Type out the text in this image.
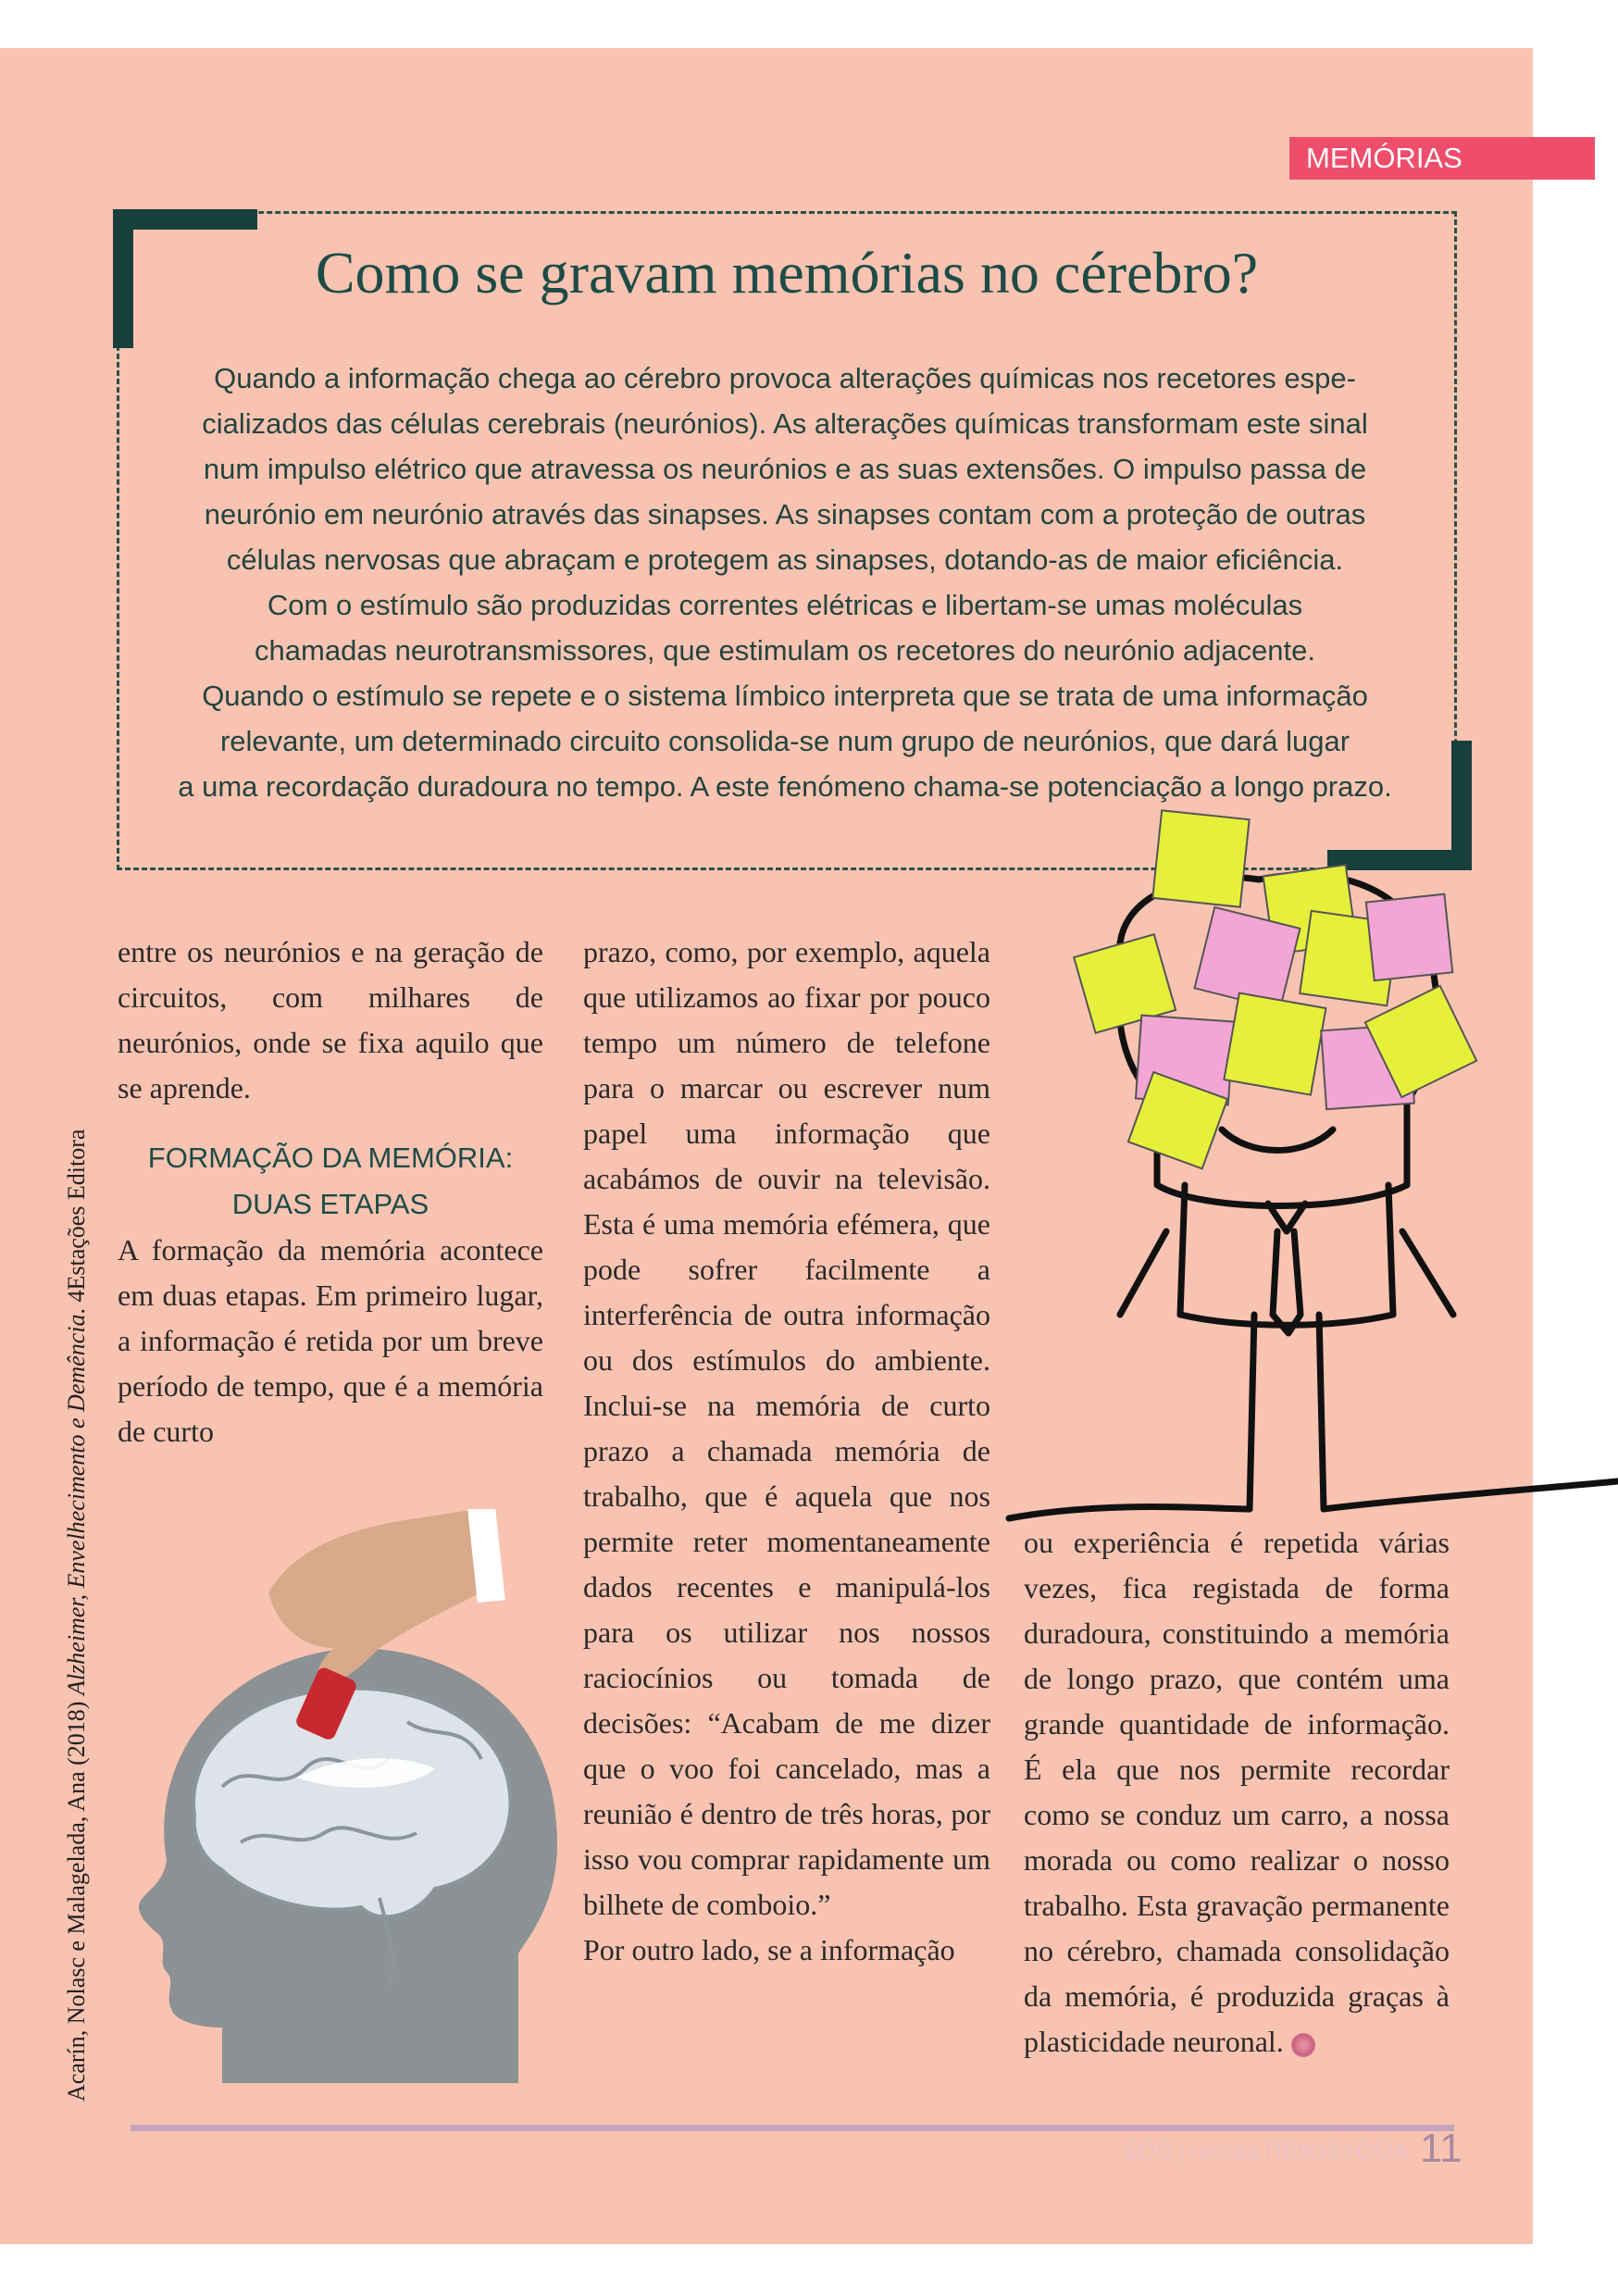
MEMÓRIAS
Como se gravam memórias no cérebro?

Quando a informação chega ao cérebro provoca alterações químicas nos recetores espe-

cializados das células cerebrais (neurónios). As alterações químicas transformam este sinal

num impulso elétrico que atravessa os neurónios e as suas extensões. O impulso passa de

neurónio em neurónio através das sinapses. As sinapses contam com a proteção de outras

células nervosas que abraçam e protegem as sinapses, dotando-as de maior eficiência.

Com o estímulo são produzidas correntes elétricas e libertam-se umas moléculas

chamadas neurotransmissores, que estimulam os recetores do neurónio adjacente.

Quando o estímulo se repete e o sistema límbico interpreta que se trata de uma informação

relevante, um determinado circuito consolida-se num grupo de neurónios, que dará lugar

a uma recordação duradoura no tempo. A este fenómeno chama-se potenciação a longo prazo.

Acarín, Nolasc e Malagelada, Ana (2018) Alzheimer, Envelhecimento e Demência. 4Estações Editora

entre os neurónios e na geração de circuitos, com milhares de neurónios, onde se fixa aquilo que se aprende.

FORMAÇÃO DA MEMÓRIA:
DUAS ETAPAS

A formação da memória acontece em duas etapas. Em primeiro lugar, a informação é retida por um breve período de tempo, que é a memória de curto

prazo, como, por exemplo, aquela que utilizamos ao fixar por pouco tempo um número de telefone para o marcar ou escrever num papel uma informação que acabámos de ouvir na televisão. Esta é uma memória efémera, que pode sofrer facilmente a interferência de outra informação ou dos estímulos do ambiente. Inclui-se na memória de curto prazo a chamada memória de trabalho, que é aquela que nos permite reter momentaneamente dados recentes e manipulá-los para os utilizar nos nossos raciocínios ou tomada de decisões: “Acabam de me dizer que o voo foi cancelado, mas a reunião é dentro de três horas, por isso vou comprar rapidamente um bilhete de comboio.”

Por outro lado, se a informação

ou experiência é repetida várias vezes, fica registada de forma duradoura, constituindo a memória de longo prazo, que contém uma grande quantidade de informação. É ela que nos permite recordar como se conduz um carro, a nossa morada ou como realizar o nosso trabalho. Esta gravação permanente no cérebro, chamada consolidação da memória, é produzida graças à plasticidade neuronal.

SOS | revista REIKI&YOGA 11
